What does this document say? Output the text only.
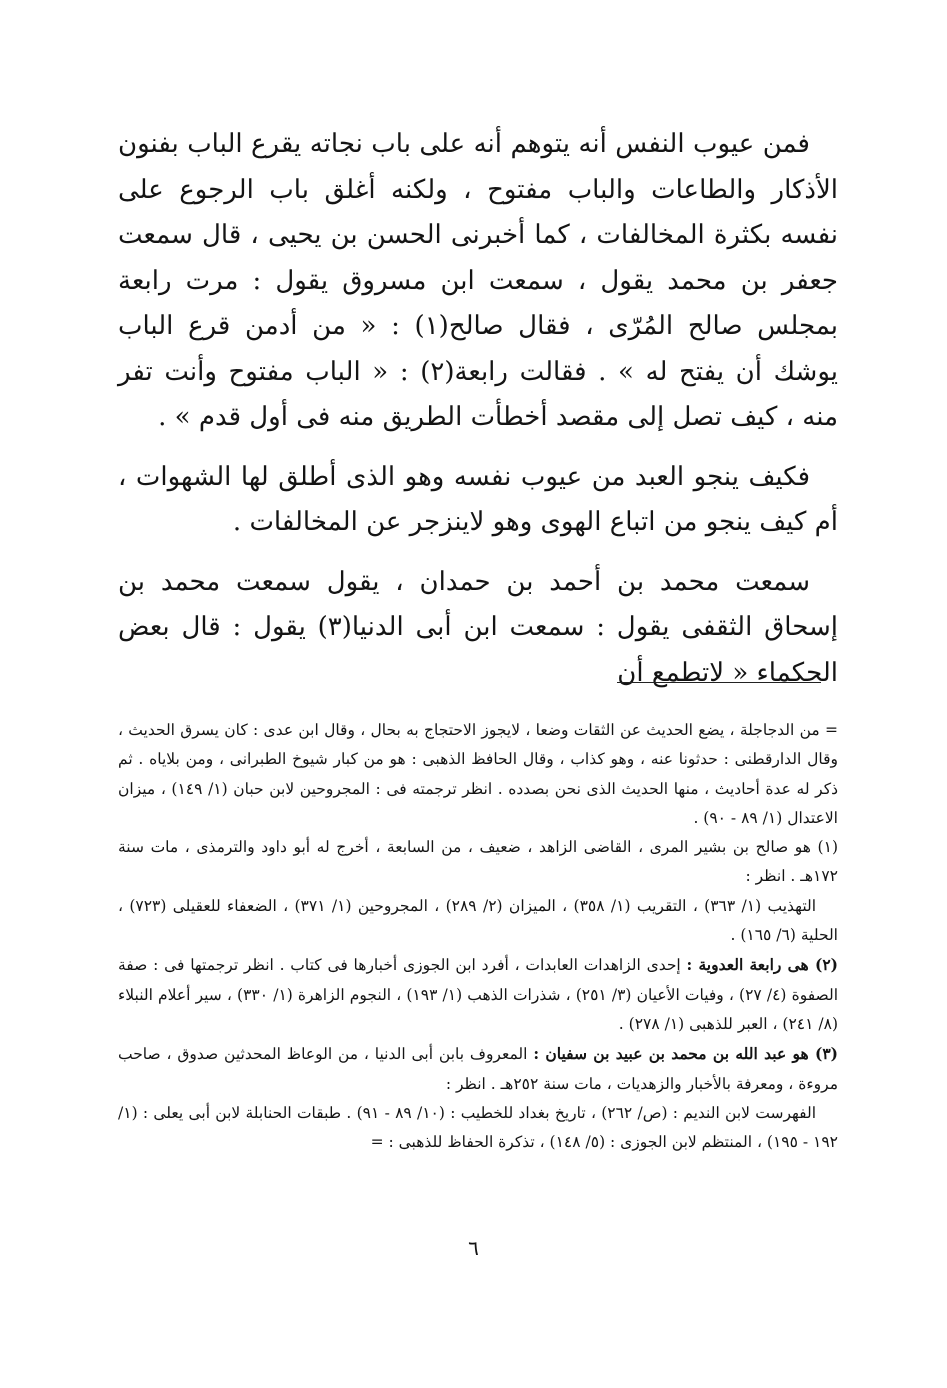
فمن عيوب النفس أنه يتوهم أنه على باب نجاته يقرع الباب بفنون الأذكار والطاعات والباب مفتوح ، ولكنه أغلق باب الرجوع على نفسه بكثرة المخالفات ، كما أخبرنى الحسن بن يحيى ، قال سمعت جعفر بن محمد يقول ، سمعت ابن مسروق يقول : مرت رابعة بمجلس صالح المُرّى ، فقال صالح(١) : « من أدمن قرع الباب يوشك أن يفتح له » . فقالت رابعة(٢) : « الباب مفتوح وأنت تفر منه ، كيف تصل إلى مقصد أخطأت الطريق منه فى أول قدم » .

فكيف ينجو العبد من عيوب نفسه وهو الذى أطلق لها الشهوات ، أم كيف ينجو من اتباع الهوى وهو لاينزجر عن المخالفات .

سمعت محمد بن أحمد بن حمدان ، يقول سمعت محمد بن إسحاق الثقفى يقول : سمعت ابن أبى الدنيا(٣) يقول : قال بعض الحكماء « لاتطمع أن

= من الدجاجلة ، يضع الحديث عن الثقات وضعا ، لايجوز الاحتجاج به بحال ، وقال ابن عدى : كان يسرق الحديث ، وقال الدارقطنى : حدثونا عنه ، وهو كذاب ، وقال الحافظ الذهبى : هو من كبار شيوخ الطبرانى ، ومن بلاياه . ثم ذكر له عدة أحاديث ، منها الحديث الذى نحن بصدده . انظر ترجمته فى : المجروحين لابن حبان (١/ ١٤٩) ، ميزان الاعتدال (١/ ٨٩ - ٩٠) .

(١) هو صالح بن بشير المرى ، القاضى الزاهد ، ضعيف ، من السابعة ، أخرج له أبو داود والترمذى ، مات سنة ١٧٢هـ . انظر :

التهذيب (١/ ٣٦٣) ، التقريب (١/ ٣٥٨) ، الميزان (٢/ ٢٨٩) ، المجروحين (١/ ٣٧١) ، الضعفاء للعقيلى (٧٢٣) ، الحلية (٦/ ١٦٥) .

(٢) هى رابعة العدوية : إحدى الزاهدات العابدات ، أفرد ابن الجوزى أخبارها فى كتاب . انظر ترجمتها فى : صفة الصفوة (٤/ ٢٧) ، وفيات الأعيان (٣/ ٢٥١) ، شذرات الذهب (١/ ١٩٣) ، النجوم الزاهرة (١/ ٣٣٠) ، سير أعلام النبلاء (٨/ ٢٤١) ، العبر للذهبى (١/ ٢٧٨) .

(٣) هو عبد الله بن محمد بن عبيد بن سفيان : المعروف بابن أبى الدنيا ، من الوعاظ المحدثين صدوق ، صاحب مروءة ، ومعرفة بالأخبار والزهديات ، مات سنة ٢٥٢هـ . انظر :

الفهرست لابن النديم : (ص/ ٢٦٢) ، تاريخ بغداد للخطيب : (١٠/ ٨٩ - ٩١) . طبقات الحنابلة لابن أبى يعلى : (١/ ١٩٢ - ١٩٥) ، المنتظم لابن الجوزى : (٥/ ١٤٨) ، تذكرة الحفاظ للذهبى : =

٦
